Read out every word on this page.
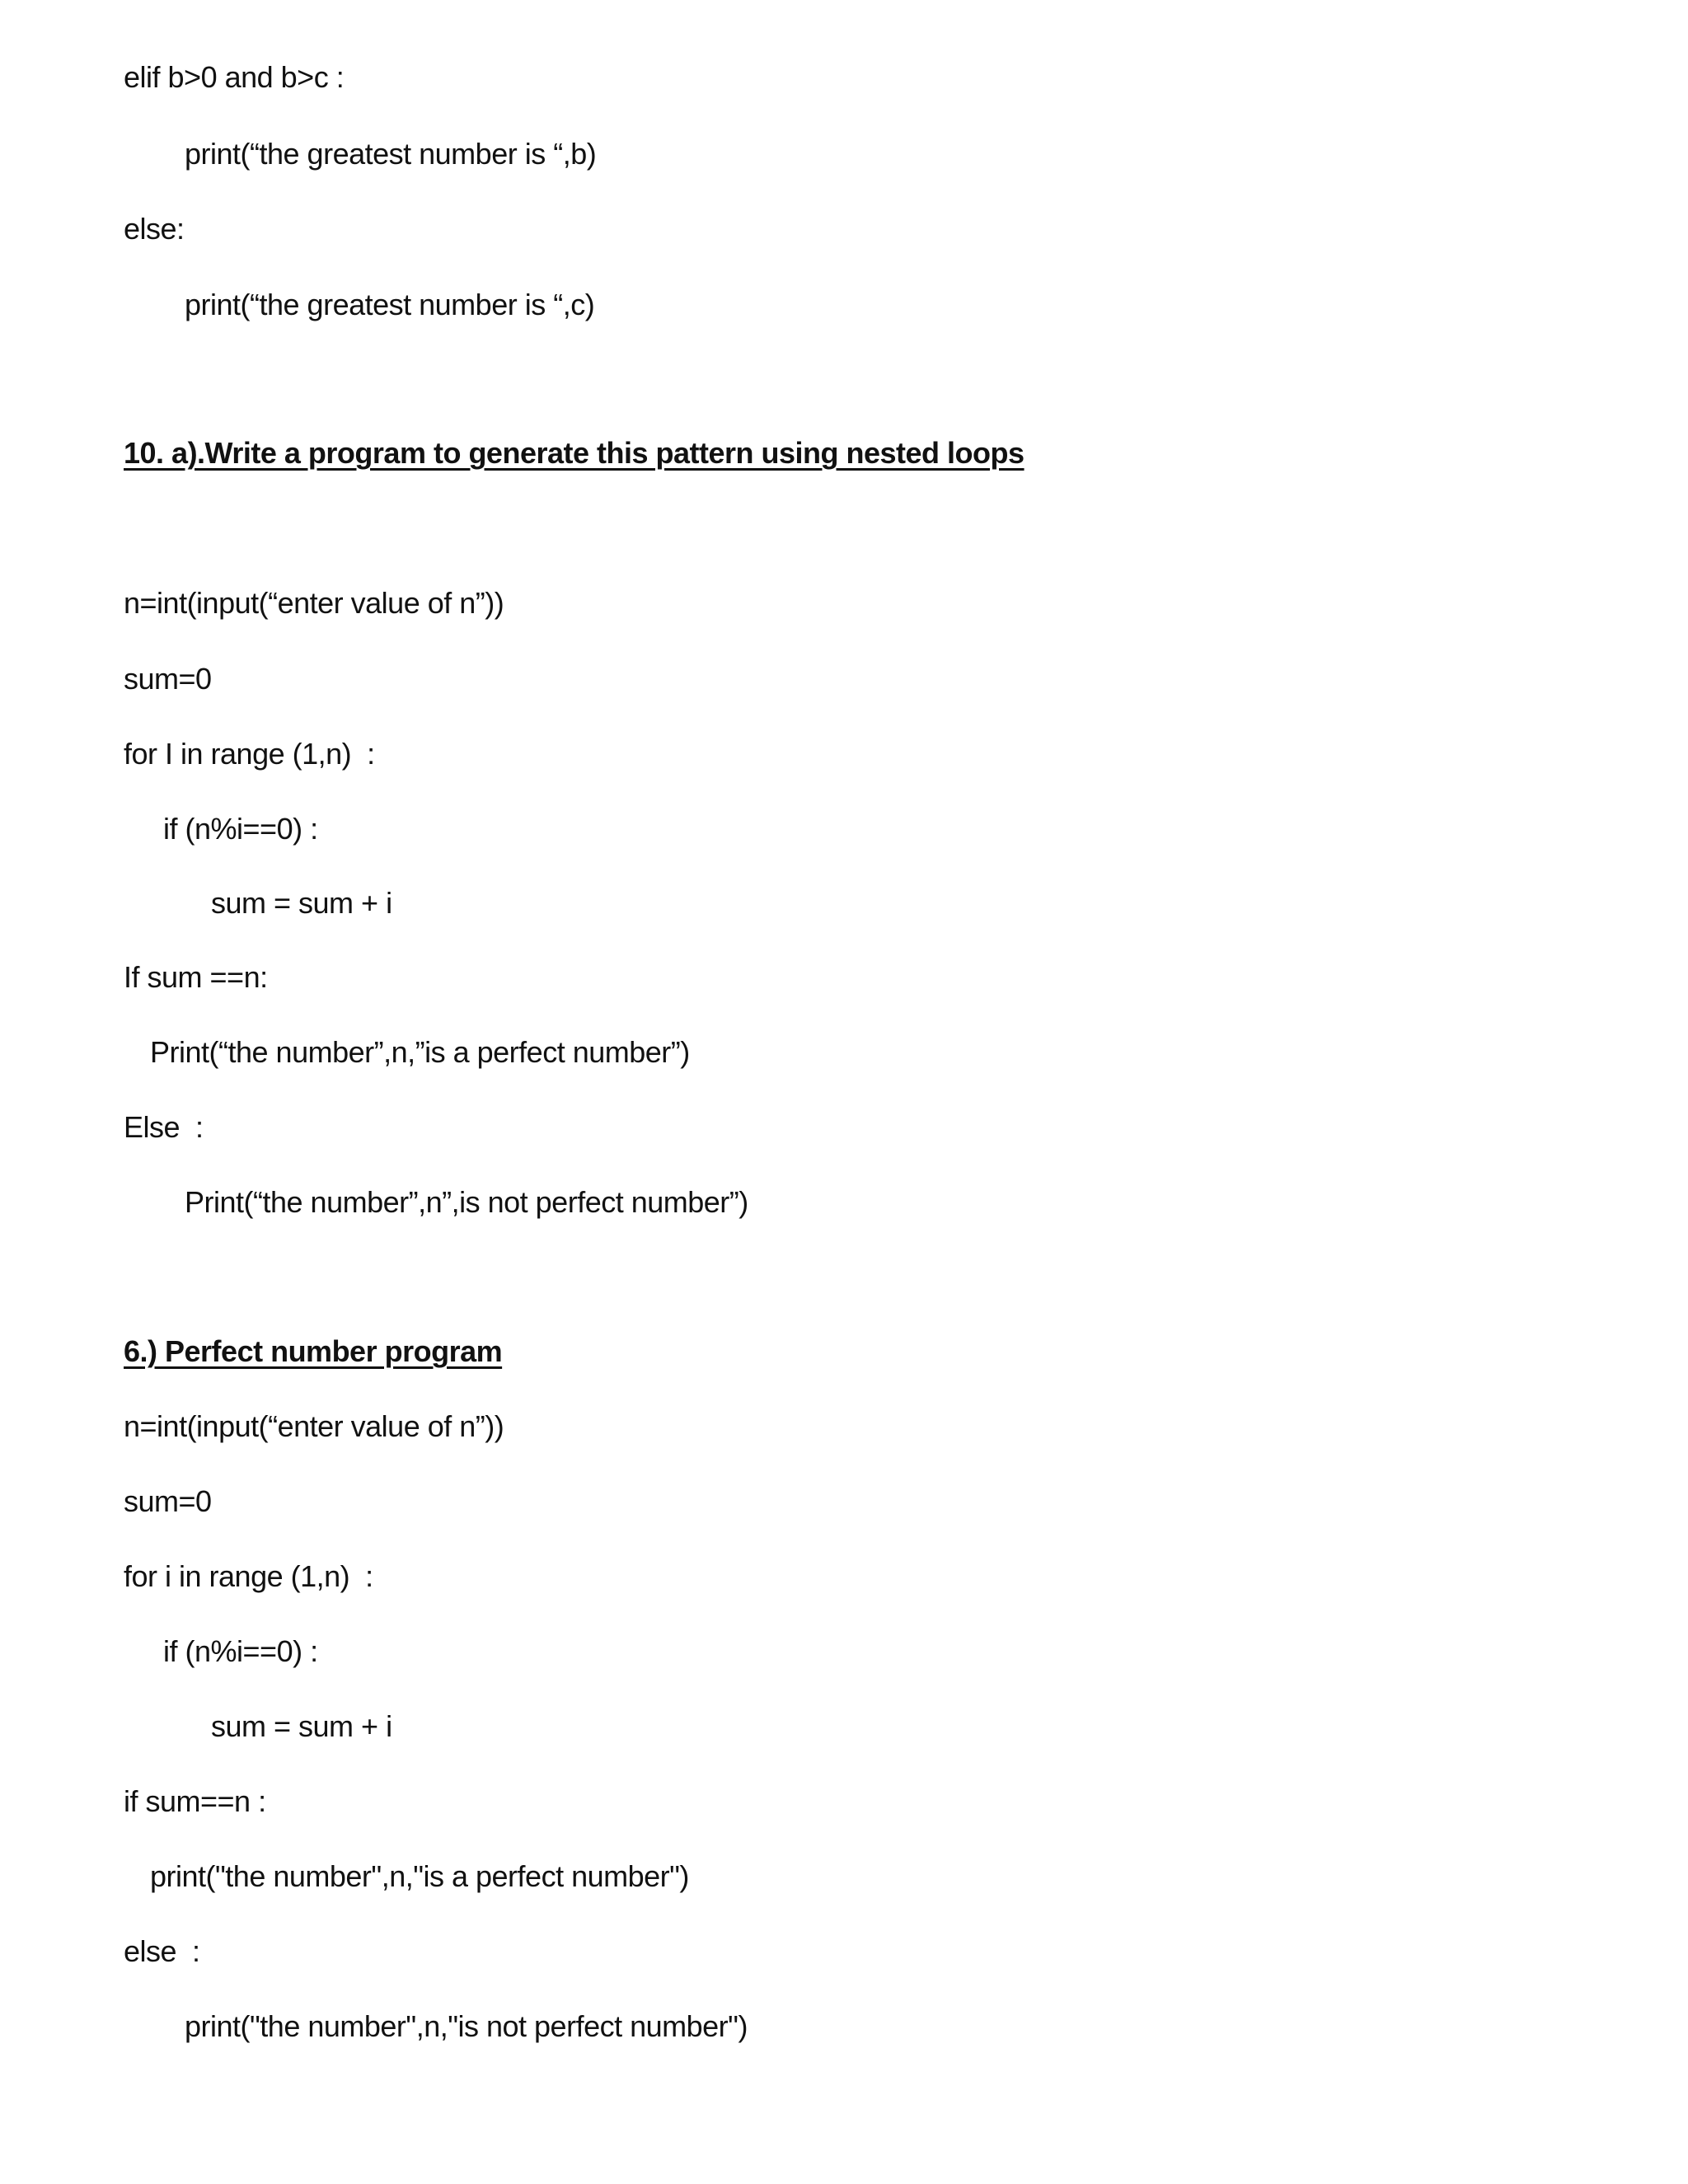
elif b>0 and b>c :
print(“the greatest number is “,b)
else:
print(“the greatest number is “,c)
10. a).Write a program to generate this pattern using nested loops
n=int(input(“enter value of n”))
sum=0
for I in range (1,n)  :
if (n%i==0) :
sum = sum + i
If sum ==n:
Print(“the number”,n,”is a perfect number”)
Else  :
Print(“the number”,n”,is not perfect number”)
6.) Perfect number program
n=int(input(“enter value of n”))
sum=0
for i in range (1,n)  :
if (n%i==0) :
sum = sum + i
if sum==n :
print("the number",n,"is a perfect number")
else  :
print("the number",n,"is not perfect number")
